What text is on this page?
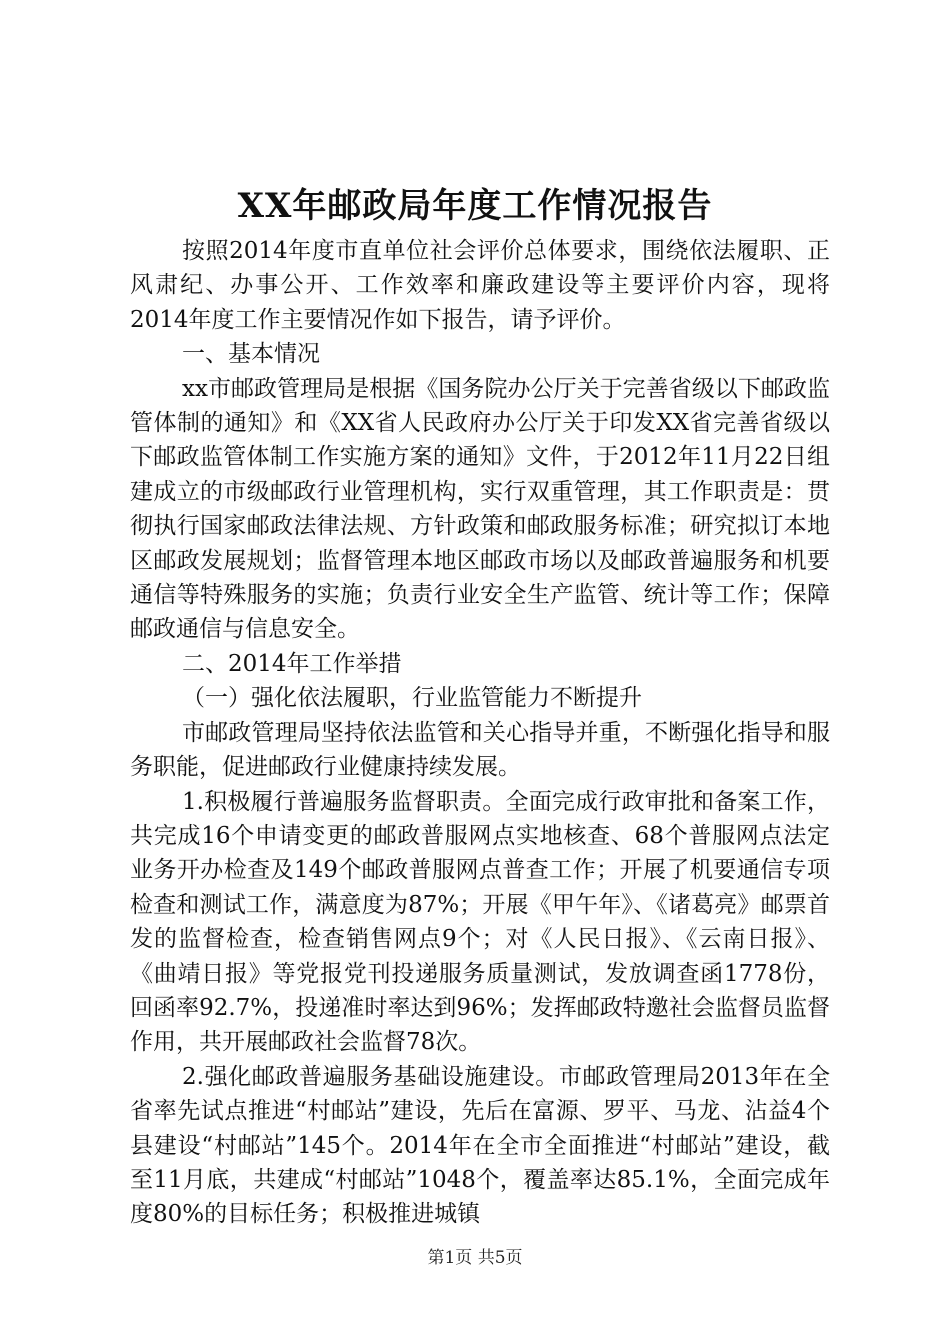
XX年邮政局年度工作情况报告

按照2014年度市直单位社会评价总体要求，围绕依法履职、正风肃纪、办事公开、工作效率和廉政建设等主要评价内容，现将2014年度工作主要情况作如下报告，请予评价。

一、基本情况

xx市邮政管理局是根据《国务院办公厅关于完善省级以下邮政监管体制的通知》和《XX省人民政府办公厅关于印发XX省完善省级以下邮政监管体制工作实施方案的通知》文件，于2012年11月22日组建成立的市级邮政行业管理机构，实行双重管理，其工作职责是：贯彻执行国家邮政法律法规、方针政策和邮政服务标准；研究拟订本地区邮政发展规划；监督管理本地区邮政市场以及邮政普遍服务和机要通信等特殊服务的实施；负责行业安全生产监管、统计等工作；保障邮政通信与信息安全。

二、2014年工作举措

（一）强化依法履职，行业监管能力不断提升

市邮政管理局坚持依法监管和关心指导并重，不断强化指导和服务职能，促进邮政行业健康持续发展。

1.积极履行普遍服务监督职责。全面完成行政审批和备案工作，共完成16个申请变更的邮政普服网点实地核查、68个普服网点法定业务开办检查及149个邮政普服网点普查工作；开展了机要通信专项检查和测试工作，满意度为87%；开展《甲午年》、《诸葛亮》邮票首发的监督检查，检查销售网点9个；对《人民日报》、《云南日报》、《曲靖日报》等党报党刊投递服务质量测试，发放调查函1778份，回函率92.7%，投递准时率达到96%；发挥邮政特邀社会监督员监督作用，共开展邮政社会监督78次。

2.强化邮政普遍服务基础设施建设。市邮政管理局2013年在全省率先试点推进“村邮站”建设，先后在富源、罗平、马龙、沾益4个县建设“村邮站”145个。2014年在全市全面推进“村邮站”建设，截至11月底，共建成“村邮站”1048个，覆盖率达85.1%，全面完成年度80%的目标任务；积极推进城镇

第1页 共5页
